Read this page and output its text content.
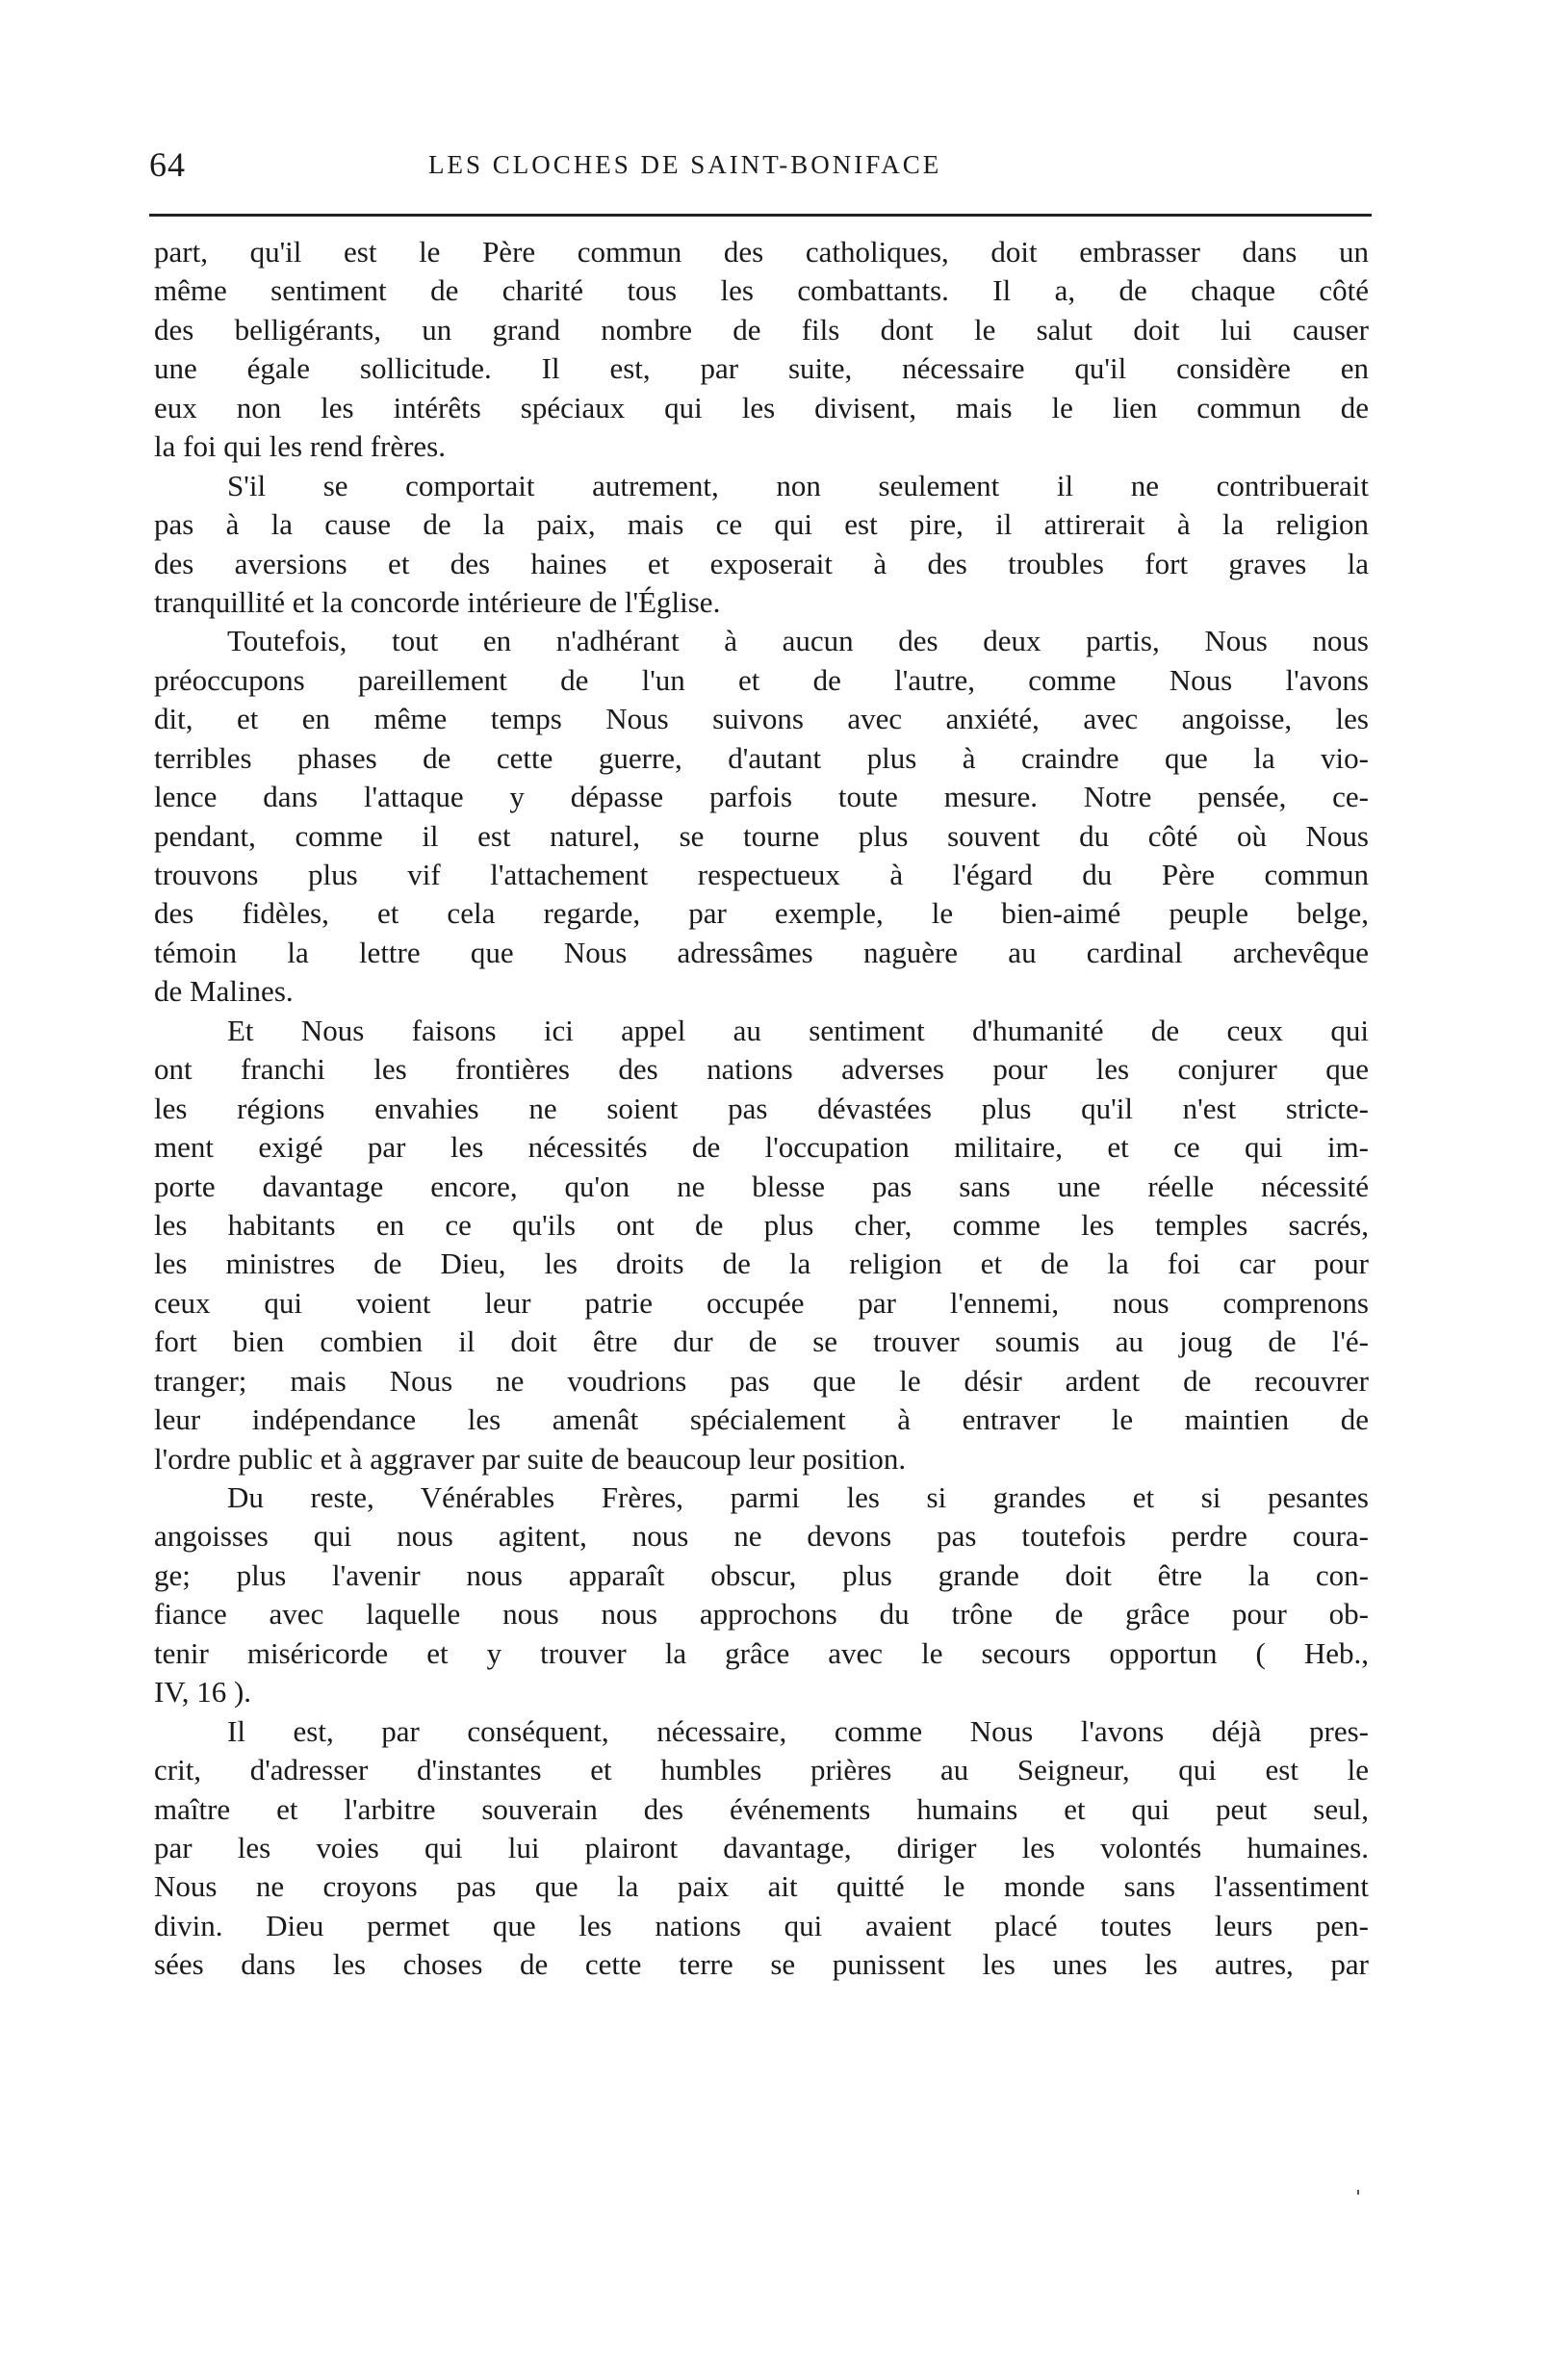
64	LES CLOCHES DE SAINT-BONIFACE
part, qu'il est le Père commun des catholiques, doit embrasser dans un
même sentiment de charité tous les combattants. Il a, de chaque côté
des belligérants, un grand nombre de fils dont le salut doit lui causer
une égale sollicitude. Il est, par suite, nécessaire qu'il considère en
eux non les intérêts spéciaux qui les divisent, mais le lien commun de
la foi qui les rend frères.
S'il se comportait autrement, non seulement il ne contribuerait
pas à la cause de la paix, mais ce qui est pire, il attirerait à la religion
des aversions et des haines et exposerait à des troubles fort graves la
tranquillité et la concorde intérieure de l'Église.
Toutefois, tout en n'adhérant à aucun des deux partis, Nous nous
préoccupons pareillement de l'un et de l'autre, comme Nous l'avons
dit, et en même temps Nous suivons avec anxiété, avec angoisse, les
terribles phases de cette guerre, d'autant plus à craindre que la vio-
lence dans l'attaque y dépasse parfois toute mesure. Notre pensée, ce-
pendant, comme il est naturel, se tourne plus souvent du côté où Nous
trouvons plus vif l'attachement respectueux à l'égard du Père commun
des fidèles, et cela regarde, par exemple, le bien-aimé peuple belge,
témoin la lettre que Nous adressâmes naguère au cardinal archevêque
de Malines.
Et Nous faisons ici appel au sentiment d'humanité de ceux qui
ont franchi les frontières des nations adverses pour les conjurer que
les régions envahies ne soient pas dévastées plus qu'il n'est stricte-
ment exigé par les nécessités de l'occupation militaire, et ce qui im-
porte davantage encore, qu'on ne blesse pas sans une réelle nécessité
les habitants en ce qu'ils ont de plus cher, comme les temples sacrés,
les ministres de Dieu, les droits de la religion et de la foi car pour
ceux qui voient leur patrie occupée par l'ennemi, nous comprenons
fort bien combien il doit être dur de se trouver soumis au joug de l'é-
tranger; mais Nous ne voudrions pas que le désir ardent de recouvrer
leur indépendance les amenât spécialement à entraver le maintien de
l'ordre public et à aggraver par suite de beaucoup leur position.
Du reste, Vénérables Frères, parmi les si grandes et si pesantes
angoisses qui nous agitent, nous ne devons pas toutefois perdre coura-
ge; plus l'avenir nous apparaît obscur, plus grande doit être la con-
fiance avec laquelle nous nous approchons du trône de grâce pour ob-
tenir miséricorde et y trouver la grâce avec le secours opportun ( Heb.,
IV, 16 ).
Il est, par conséquent, nécessaire, comme Nous l'avons déjà pres-
crit, d'adresser d'instantes et humbles prières au Seigneur, qui est le
maître et l'arbitre souverain des événements humains et qui peut seul,
par les voies qui lui plairont davantage, diriger les volontés humaines.
Nous ne croyons pas que la paix ait quitté le monde sans l'assentiment
divin. Dieu permet que les nations qui avaient placé toutes leurs pen-
sées dans les choses de cette terre se punissent les unes les autres, par
